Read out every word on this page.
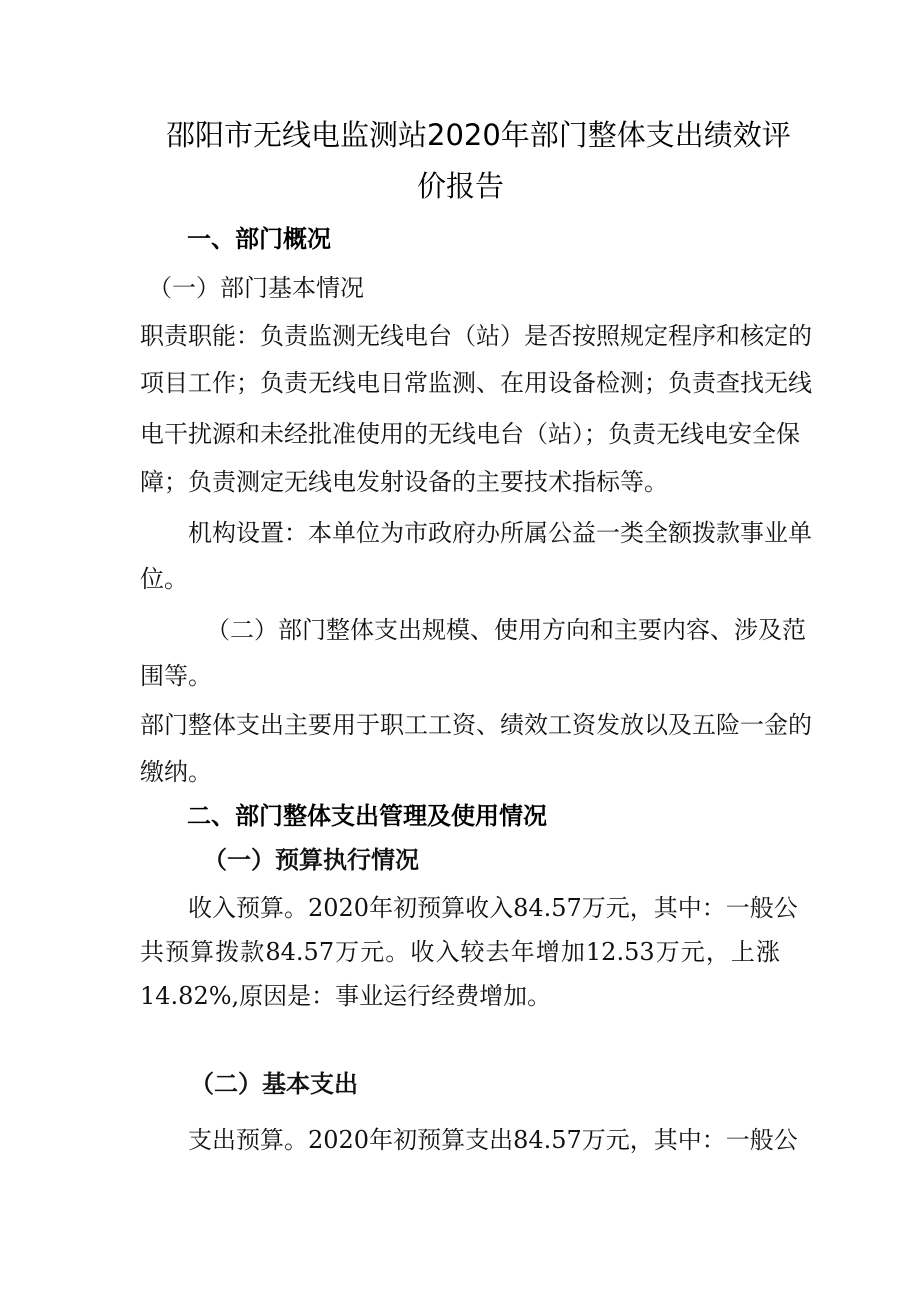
邵阳市无线电监测站2020年部门整体支出绩效评
价报告
一、部门概况
（一）部门基本情况
职责职能：负责监测无线电台（站）是否按照规定程序和核定的
项目工作；负责无线电日常监测、在用设备检测；负责查找无线
电干扰源和未经批准使用的无线电台（站）；负责无线电安全保
障；负责测定无线电发射设备的主要技术指标等。
机构设置：本单位为市政府办所属公益一类全额拨款事业单
位。
（二）部门整体支出规模、使用方向和主要内容、涉及范
围等。
部门整体支出主要用于职工工资、绩效工资发放以及五险一金的
缴纳。
二、部门整体支出管理及使用情况
（一）预算执行情况
收入预算。2020年初预算收入84.57万元，其中：一般公
共预算拨款84.57万元。收入较去年增加12.53万元，上涨
14.82%,原因是：事业运行经费增加。
（二）基本支出
支出预算。2020年初预算支出84.57万元，其中：一般公
